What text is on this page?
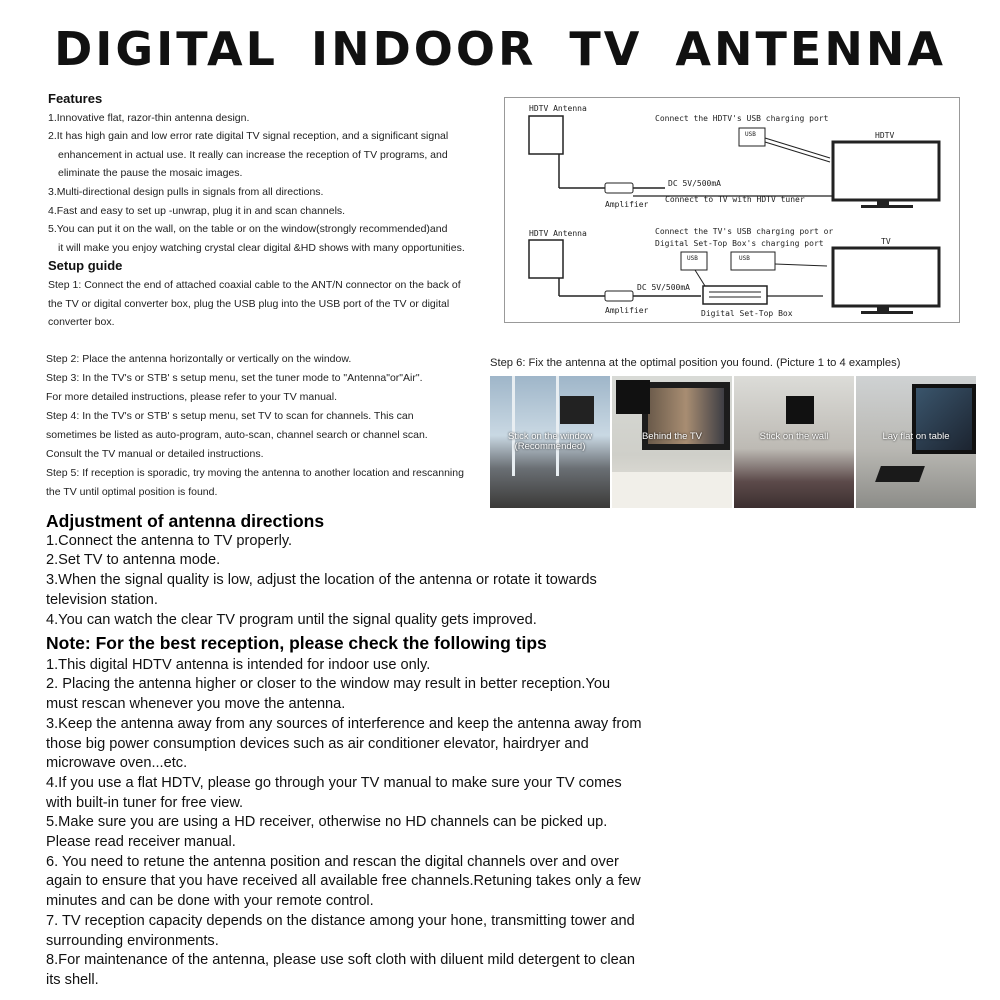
DIGITAL INDOOR TV ANTENNA
Features

1.Innovative flat, razor-thin antenna design.

2.It has high gain and low error rate digital TV signal reception, and a significant signal

enhancement in actual use. It really can increase the reception of TV programs, and

eliminate the pause the mosaic images.

3.Multi-directional design pulls in signals from all directions.

4.Fast and easy to set up -unwrap, plug it in and scan channels.

5.You can put it on the wall, on the table or on the window(strongly recommended)and

it will make you enjoy watching crystal clear digital &HD shows with many opportunities.

Setup guide

Step 1: Connect the end of attached coaxial cable to the ANT/N connector on the back of

the TV or digital converter box, plug the USB plug into the USB port of the TV or digital

converter box.

HDTV Antenna
Amplifier
DC 5V/500mA
Connect to TV with HDTV tuner
Connect the HDTV's USB charging port
USB	HDTV
HDTV Antenna
Amplifier
DC 5V/500mA
Connect the TV's USB charging port or
Digital Set-Top Box's charging port
USB	USB
Digital Set-Top Box
TV

Step 2: Place the antenna horizontally or vertically on the window.

Step 3: In the TV's or STB' s setup menu, set the tuner mode to "Antenna"or"Air".

For more detailed instructions, please refer to your TV manual.

Step 4: In the TV's or STB' s setup menu, set TV to scan for channels. This can

sometimes be listed as auto-program, auto-scan, channel search or channel scan.

Consult the TV manual or detailed instructions.

Step 5: If reception is sporadic, try moving the antenna to another location and rescanning

the TV until optimal position is found.

Step 6: Fix the antenna at the optimal position you found. (Picture 1 to 4 examples)
Stick on the window
(Recommended)
Behind the TV	Stick on the wall	Lay flat on table
Adjustment of antenna directions

1.Connect the antenna to TV properly.

2.Set TV to antenna mode.

3.When the signal quality is low, adjust the location of the antenna or rotate it towards

television station.

4.You can watch the clear TV program until the signal quality gets improved.

Note: For the best reception, please check the following tips

1.This digital HDTV antenna is intended for indoor use only.

2. Placing the antenna higher or closer to the window may result in better reception.You

must rescan whenever you move the antenna.

3.Keep the antenna away from any sources of interference and keep the antenna away from

those big power consumption devices such as air conditioner elevator, hairdryer and

microwave oven...etc.

4.If you use a flat HDTV, please go through your TV manual to make sure your TV comes

with built-in tuner for free view.

5.Make sure you are using a HD receiver, otherwise no HD channels can be picked up.

Please read receiver manual.

6. You need to retune the antenna position and rescan the digital channels over and over

again to ensure that you have received all available free channels.Retuning takes only a few

minutes and can be done with your remote control.

7. TV reception capacity depends on the distance among your hone, transmitting tower and

surrounding environments.

8.For maintenance of the antenna, please use soft cloth with diluent mild detergent to clean

its shell.
